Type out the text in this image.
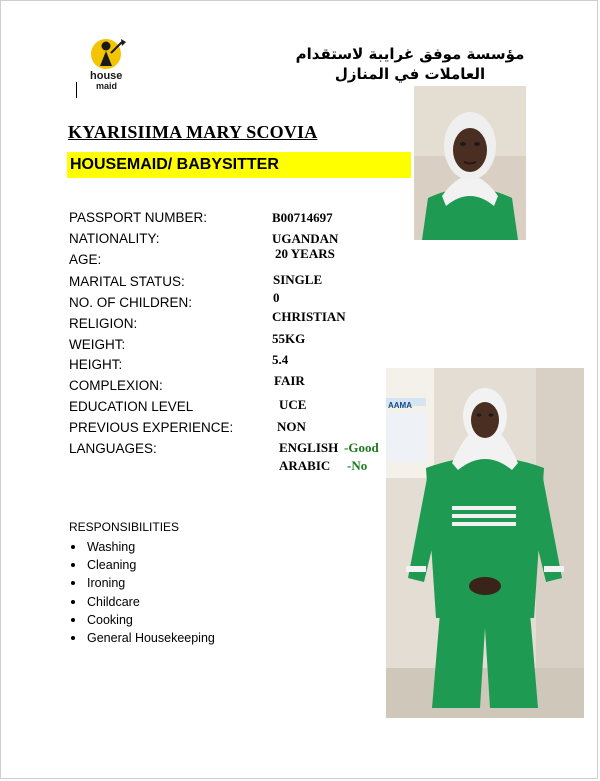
house
maid
مؤسسة موفق غرايبة لاستقدام العاملات في المنازل
KYARISIIMA MARY SCOVIA
HOUSEMAID/ BABYSITTER
AAMA
PASSPORT NUMBER:	B00714697
NATIONALITY:	UGANDAN
AGE:	20 YEARS
MARITAL STATUS:	SINGLE
NO. OF CHILDREN:	0
RELIGION:	CHRISTIAN
WEIGHT:	55KG
HEIGHT:	5.4
COMPLEXION:	FAIR
EDUCATION LEVEL	UCE
PREVIOUS EXPERIENCE:	NON
LANGUAGES:	ENGLISH -Good
ARABIC -No
RESPONSIBILITIES
Washing
Cleaning
Ironing
Childcare
Cooking
General Housekeeping
